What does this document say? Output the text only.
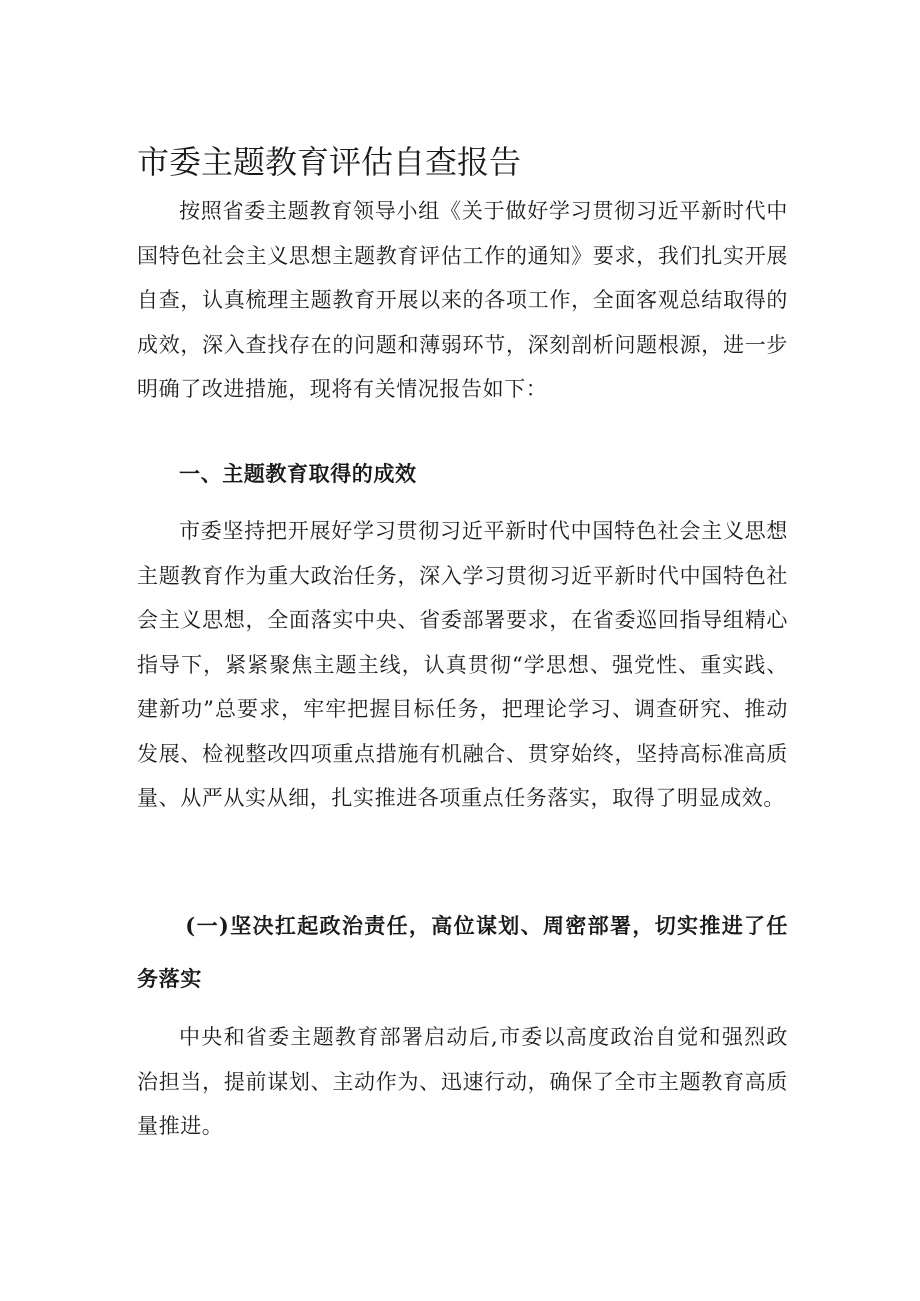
市委主题教育评估自查报告

按照省委主题教育领导小组《关于做好学习贯彻习近平新时代中国特色社会主义思想主题教育评估工作的通知》要求，我们扎实开展自查，认真梳理主题教育开展以来的各项工作，全面客观总结取得的成效，深入查找存在的问题和薄弱环节，深刻剖析问题根源，进一步明确了改进措施，现将有关情况报告如下：

一、主题教育取得的成效

市委坚持把开展好学习贯彻习近平新时代中国特色社会主义思想主题教育作为重大政治任务，深入学习贯彻习近平新时代中国特色社会主义思想，全面落实中央、省委部署要求，在省委巡回指导组精心指导下，紧紧聚焦主题主线，认真贯彻“学思想、强党性、重实践、建新功”总要求，牢牢把握目标任务，把理论学习、调查研究、推动发展、检视整改四项重点措施有机融合、贯穿始终，坚持高标准高质量、从严从实从细，扎实推进各项重点任务落实，取得了明显成效。

(一)坚决扛起政治责任，高位谋划、周密部署，切实推进了任务落实

中央和省委主题教育部署启动后,市委以高度政治自觉和强烈政治担当，提前谋划、主动作为、迅速行动，确保了全市主题教育高质量推进。
